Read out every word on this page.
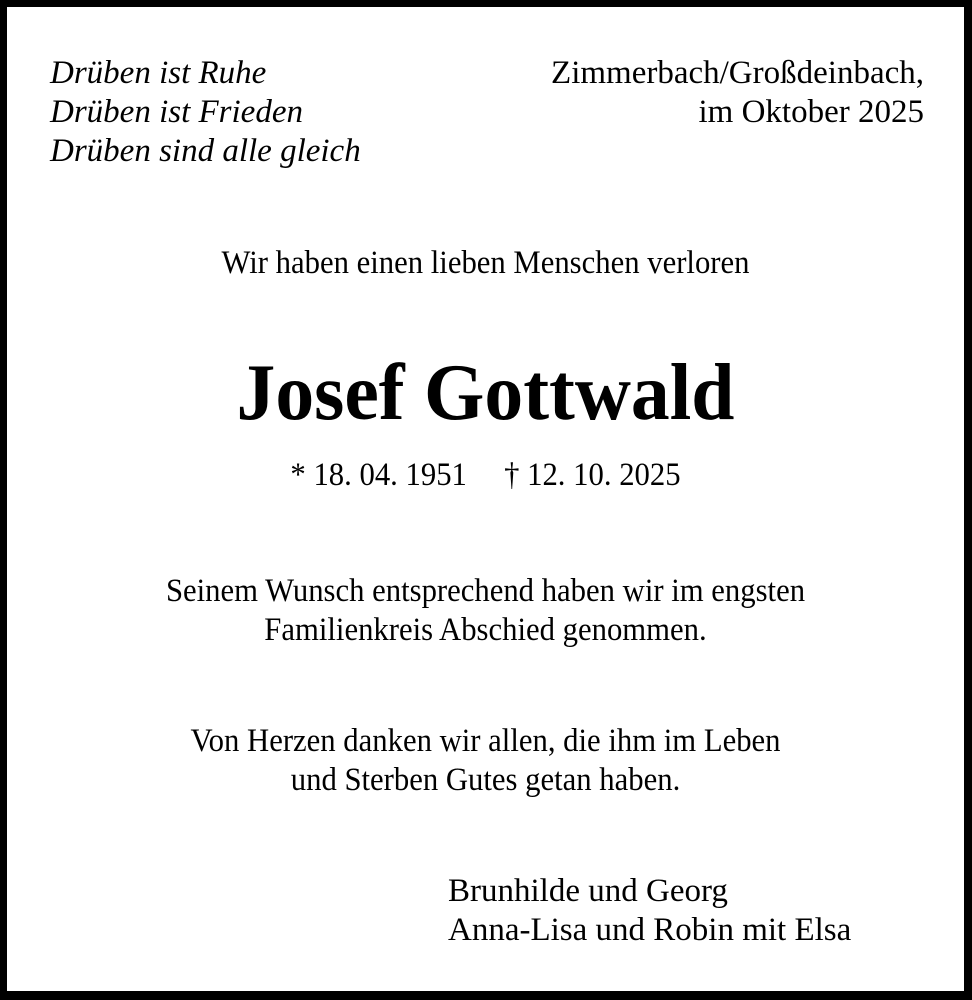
Drüben ist Ruhe
Drüben ist Frieden
Drüben sind alle gleich
Zimmerbach/Großdeinbach,
im Oktober 2025
Wir haben einen lieben Menschen verloren
Josef Gottwald
* 18. 04. 1951 † 12. 10. 2025
Seinem Wunsch entsprechend haben wir im engsten
Familienkreis Abschied genommen.
Von Herzen danken wir allen, die ihm im Leben
und Sterben Gutes getan haben.
Brunhilde und Georg
Anna-Lisa und Robin mit Elsa
